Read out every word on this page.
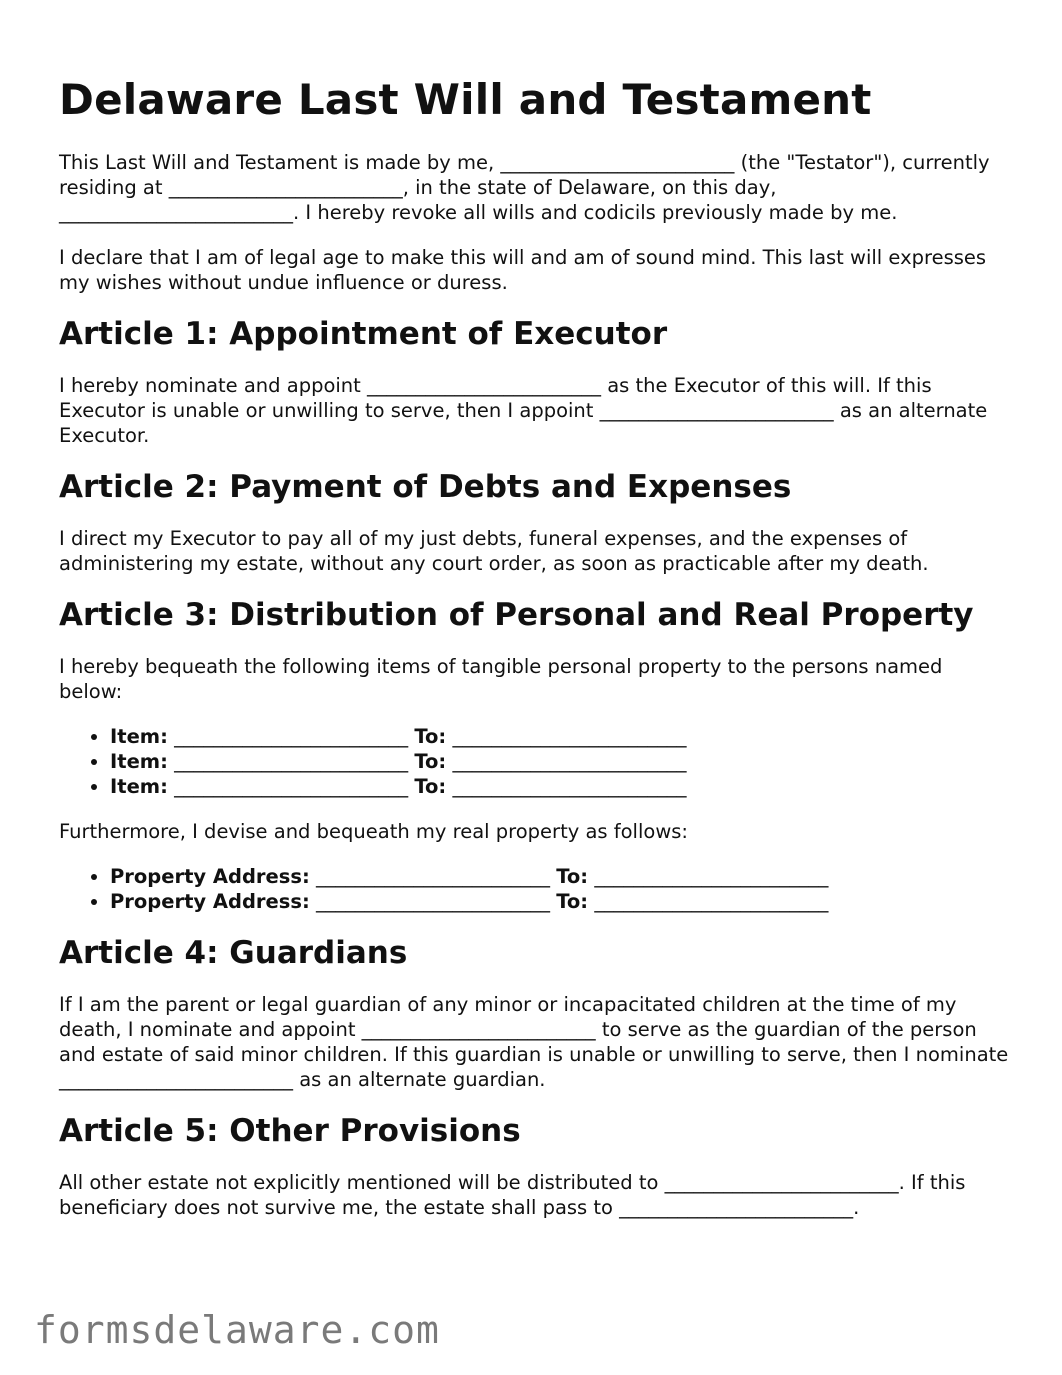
Delaware Last Will and Testament

This Last Will and Testament is made by me, ________________________ (the "Testator"), currently residing at ________________________, in the state of Delaware, on this day, ________________________. I hereby revoke all wills and codicils previously made by me.

I declare that I am of legal age to make this will and am of sound mind. This last will expresses my wishes without undue influence or duress.

Article 1: Appointment of Executor

I hereby nominate and appoint ________________________ as the Executor of this will. If this Executor is unable or unwilling to serve, then I appoint ________________________ as an alternate Executor.

Article 2: Payment of Debts and Expenses

I direct my Executor to pay all of my just debts, funeral expenses, and the expenses of administering my estate, without any court order, as soon as practicable after my death.

Article 3: Distribution of Personal and Real Property

I hereby bequeath the following items of tangible personal property to the persons named below:

• Item: ________________________ To: ________________________
• Item: ________________________ To: ________________________
• Item: ________________________ To: ________________________

Furthermore, I devise and bequeath my real property as follows:

• Property Address: ________________________ To: ________________________
• Property Address: ________________________ To: ________________________
Article 4: Guardians

If I am the parent or legal guardian of any minor or incapacitated children at the time of my death, I nominate and appoint ________________________ to serve as the guardian of the person and estate of said minor children. If this guardian is unable or unwilling to serve, then I nominate ________________________ as an alternate guardian.

Article 5: Other Provisions

All other estate not explicitly mentioned will be distributed to ________________________. If this beneficiary does not survive me, the estate shall pass to ________________________.

formsdelaware.com
